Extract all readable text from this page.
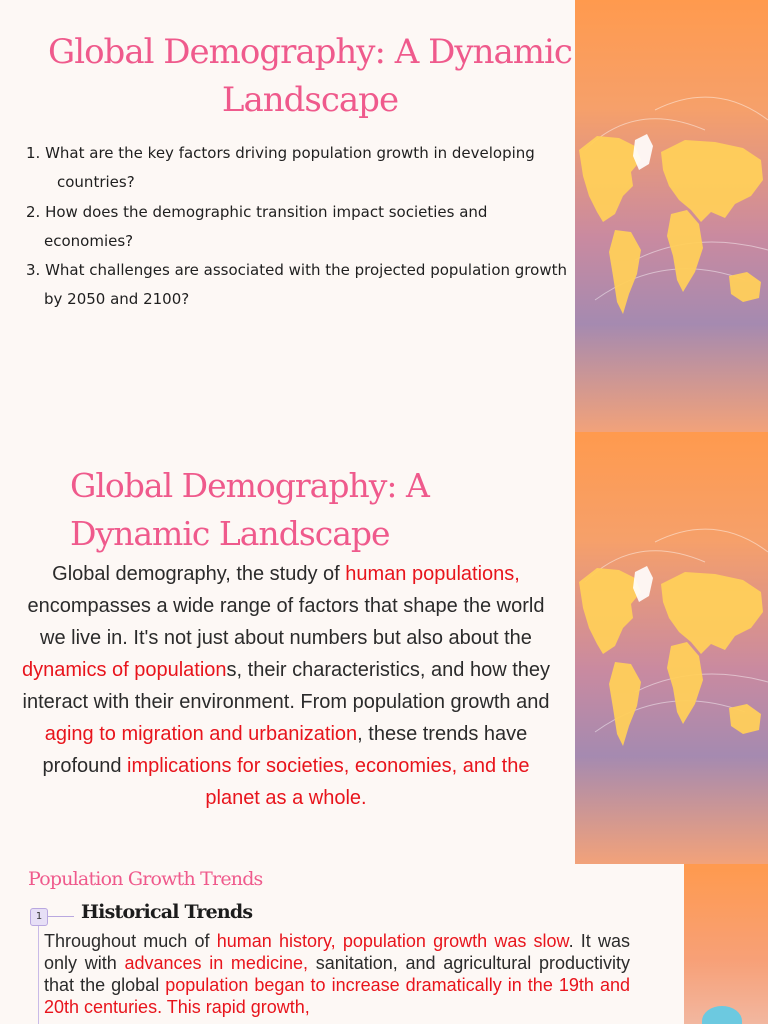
Global Demography: A Dynamic Landscape

1. What are the key factors driving population growth in developing

countries?

2. How does the demographic transition impact societies and

economies?

3. What challenges are associated with the projected population growth

by 2050 and 2100?

Global Demography: A Dynamic Landscape

Global demography, the study of human populations, encompasses a wide range of factors that shape the world we live in. It's not just about numbers but also about the dynamics of populations, their characteristics, and how they interact with their environment. From population growth and aging to migration and urbanization, these trends have profound implications for societies, economies, and the planet as a whole.

Population Growth Trends
1	Historical Trends

Throughout much of human history, population growth was slow. It was only with advances in medicine, sanitation, and agricultural productivity that the global population began to increase dramatically in the 19th and 20th centuries. This rapid growth,
